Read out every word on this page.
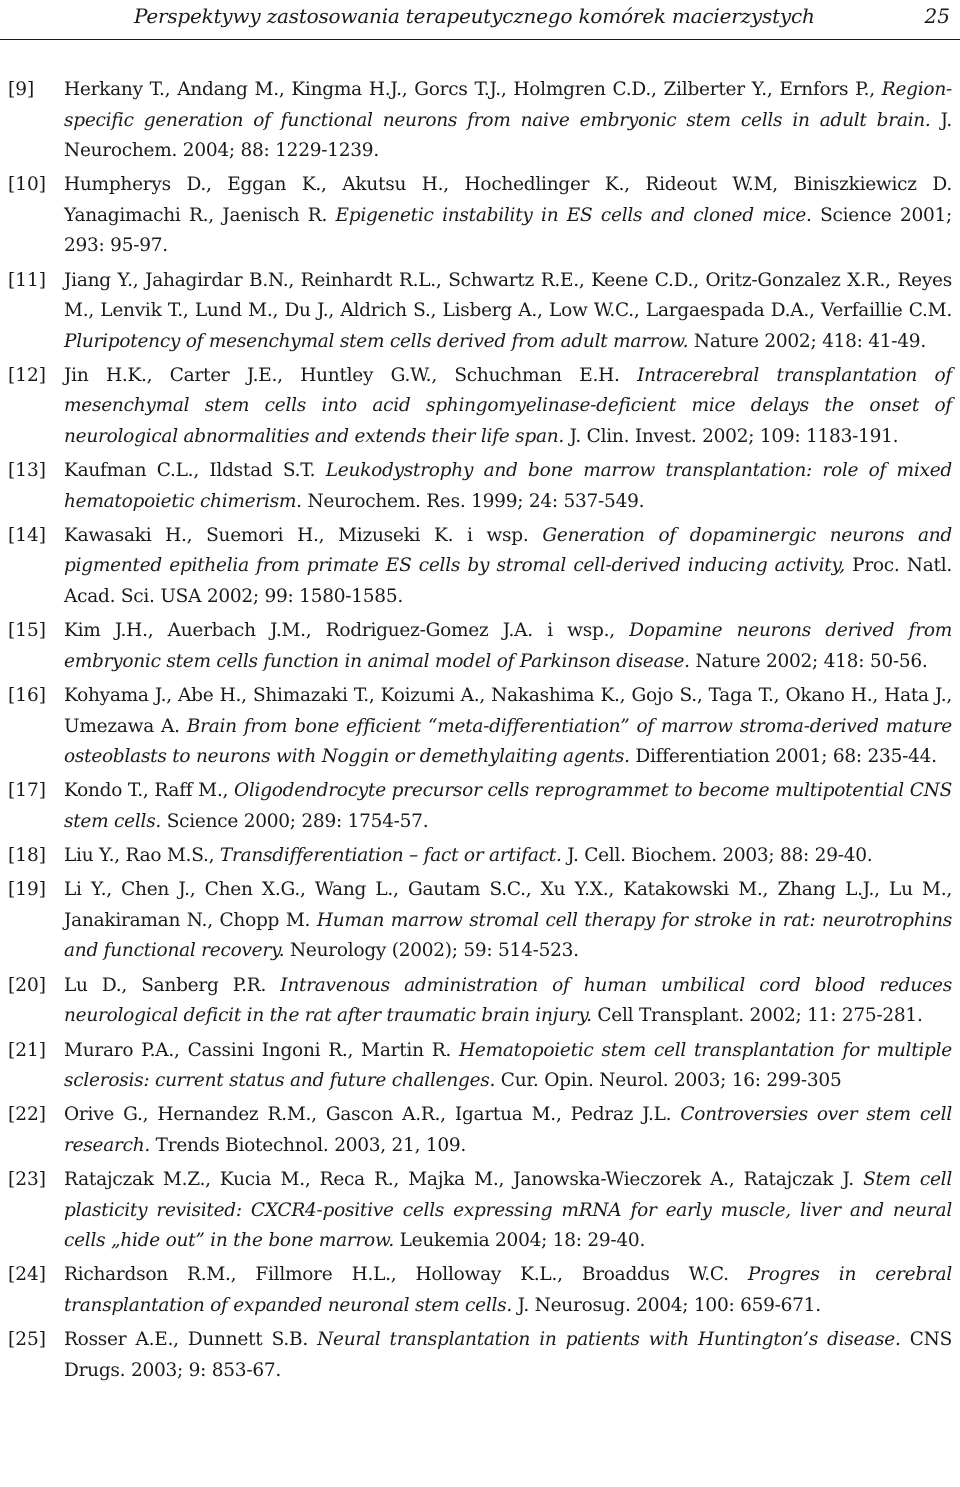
Perspektywy zastosowania terapeutycznego komórek macierzystych	25
[9]	Herkany T., Andang M., Kingma H.J., Gorcs T.J., Holmgren C.D., Zilberter Y., Ernfors P., Region-specific generation of functional neurons from naive embryonic stem cells in adult brain. J. Neurochem. 2004; 88: 1229-1239.
[10] Humpherys D., Eggan K., Akutsu H., Hochedlinger K., Rideout W.M, Biniszkiewicz D. Yanagimachi R., Jaenisch R. Epigenetic instability in ES cells and cloned mice. Science 2001; 293: 95-97.
[11] Jiang Y., Jahagirdar B.N., Reinhardt R.L., Schwartz R.E., Keene C.D., Oritz-Gonzalez X.R., Reyes M., Lenvik T., Lund M., Du J., Aldrich S., Lisberg A., Low W.C., Largaespada D.A., Verfaillie C.M. Pluripotency of mesenchymal stem cells derived from adult marrow. Nature 2002; 418: 41-49.
[12] Jin H.K., Carter J.E., Huntley G.W., Schuchman E.H. Intracerebral transplantation of mesenchymal stem cells into acid sphingomyelinase-deficient mice delays the onset of neurological abnormalities and extends their life span. J. Clin. Invest. 2002; 109: 1183-191.
[13] Kaufman C.L., Ildstad S.T. Leukodystrophy and bone marrow transplantation: role of mixed hematopoietic chimerism. Neurochem. Res. 1999; 24: 537-549.
[14] Kawasaki H., Suemori H., Mizuseki K. i wsp. Generation of dopaminergic neurons and pigmented epithelia from primate ES cells by stromal cell-derived inducing activity, Proc. Natl. Acad. Sci. USA 2002; 99: 1580-1585.
[15] Kim J.H., Auerbach J.M., Rodriguez-Gomez J.A. i wsp., Dopamine neurons derived from embryonic stem cells function in animal model of Parkinson disease. Nature 2002; 418: 50-56.
[16] Kohyama J., Abe H., Shimazaki T., Koizumi A., Nakashima K., Gojo S., Taga T., Okano H., Hata J., Umezawa A. Brain from bone efficient “meta-differentiation” of marrow stroma-derived mature osteoblasts to neurons with Noggin or demethylaiting agents. Differentiation 2001; 68: 235-44.
[17] Kondo T., Raff M., Oligodendrocyte precursor cells reprogrammet to become multipotential CNS stem cells. Science 2000; 289: 1754-57.
[18] Liu Y., Rao M.S., Transdifferentiation – fact or artifact. J. Cell. Biochem. 2003; 88: 29-40.
[19] Li Y., Chen J., Chen X.G., Wang L., Gautam S.C., Xu Y.X., Katakowski M., Zhang L.J., Lu M., Janakiraman N., Chopp M. Human marrow stromal cell therapy for stroke in rat: neurotrophins and functional recovery. Neurology (2002); 59: 514-523.
[20] Lu D., Sanberg P.R. Intravenous administration of human umbilical cord blood reduces neurological deficit in the rat after traumatic brain injury. Cell Transplant. 2002; 11: 275-281.
[21] Muraro P.A., Cassini Ingoni R., Martin R. Hematopoietic stem cell transplantation for multiple sclerosis: current status and future challenges. Cur. Opin. Neurol. 2003; 16: 299-305
[22] Orive G., Hernandez R.M., Gascon A.R., Igartua M., Pedraz J.L. Controversies over stem cell research. Trends Biotechnol. 2003, 21, 109.
[23] Ratajczak M.Z., Kucia M., Reca R., Majka M., Janowska-Wieczorek A., Ratajczak J. Stem cell plasticity revisited: CXCR4-positive cells expressing mRNA for early muscle, liver and neural cells „hide out” in the bone marrow. Leukemia 2004; 18: 29-40.
[24] Richardson R.M., Fillmore H.L., Holloway K.L., Broaddus W.C. Progres in cerebral transplantation of expanded neuronal stem cells. J. Neurosug. 2004; 100: 659-671.
[25] Rosser A.E., Dunnett S.B. Neural transplantation in patients with Huntington’s disease. CNS Drugs. 2003; 9: 853-67.
